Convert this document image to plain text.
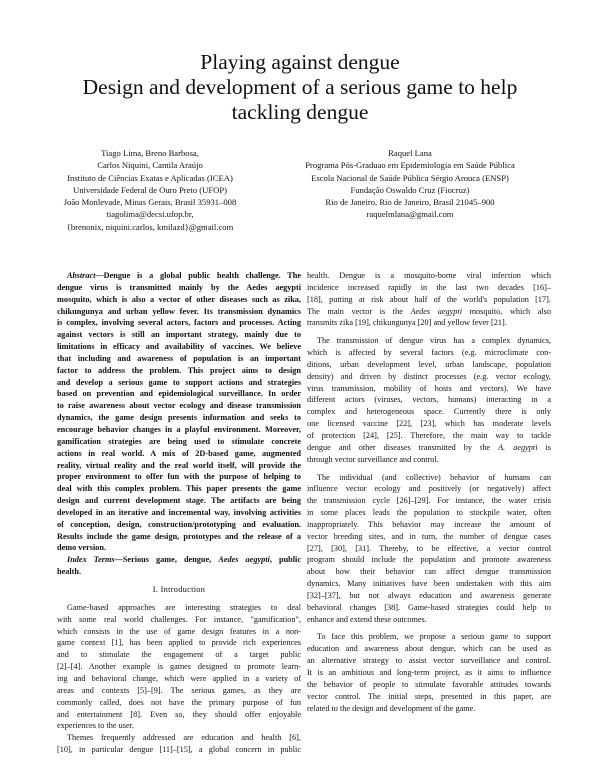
Playing against dengue
Design and development of a serious game to help
tackling dengue
Tiago Lima, Breno Barbosa,
Carlos Niquini, Camila Araújo
Instituto de Ciências Exatas e Aplicadas (ICEA)
Universidade Federal de Ouro Preto (UFOP)
João Monlevade, Minas Gerais, Brasil 35931–008
tiagolima@decsi.ufop.br,
{brenonix, niquini.carlos, kmilazd}@gmail.com
Raquel Lana
Programa Pós-Graduao em Epidemiologia em Saúde Pública
Escola Nacional de Saúde Pública Sérgio Arouca (ENSP)
Fundação Oswaldo Cruz (Fiocruz)
Rio de Janeiro, Rio de Janeiro, Brasil 21045–900
raquelmlana@gmail.com
Abstract—Dengue is a global public health challenge. The
dengue virus is transmitted mainly by the Aedes aegypti
mosquito, which is also a vector of other diseases such as zika,
chikungunya and urban yellow fever. Its transmission dynamics
is complex, involving several actors, factors and processes. Acting
against vectors is still an important strategy, mainly due to
limitations in efficacy and availability of vaccines. We believe
that including and awareness of population is an important
factor to address the problem. This project aims to design
and develop a serious game to support actions and strategies
based on prevention and epidemiological surveillance. In order
to raise awareness about vector ecology and disease transmission
dynamics, the game design presents information and seeks to
encourage behavior changes in a playful environment. Moreover,
gamification strategies are being used to stimulate concrete
actions in real world. A mix of 2D-based game, augmented
reality, virtual reality and the real world itself, will provide the
proper environment to offer fun with the purpose of helping to
deal with this complex problem. This paper presents the game
design and current development stage. The artifacts are being
developed in an iterative and incremental way, involving activities
of conception, design, construction/prototyping and evaluation.
Results include the game design, prototypes and the release of a
demo version.
Index Terms—Serious game, dengue, Aedes aegypti, public
health.
I. Introduction
Game-based approaches are interesting strategies to deal
with some real world challenges. For instance, "gamification",
which consists in the use of game design features in a non-
game context [1], has been applied to provide rich experiences
and to stimulate the engagement of a target public
[2]–[4]. Another example is games designed to promote learn-
ing and behavioral change, which were applied in a variety of
areas and contexts [5]–[9]. The serious games, as they are
commonly called, does not have the primary purpose of fun
and entertainment [8]. Even so, they should offer enjoyable
experiences to the user.
Themes frequently addressed are education and health [6],
[10], in particular dengue [11]–[15], a global concern in public
health. Dengue is a mosquito-borne viral infection which
incidence increased rapidly in the last two decades [16]–
[18], putting at risk about half of the world's population [17].
The main vector is the Aedes aegypti mosquito, which also
transmits zika [19], chikungunya [20] and yellow fever [21].
The transmission of dengue virus has a complex dynamics,
which is affected by several factors (e.g. microclimate con-
ditions, urban development level, urban landscape, population
density) and driven by distinct processes (e.g. vector ecology,
virus transmission, mobility of hosts and vectors). We have
different actors (viruses, vectors, humans) interacting in a
complex and heterogeneous space. Currently there is only
one licensed vaccine [22], [23], which has moderate levels
of protection [24], [25]. Therefore, the main way to tackle
dengue and other diseases transmitted by the A. aegypti is
through vector surveillance and control.
The individual (and collective) behavior of humans can
influence vector ecology and positively (or negatively) affect
the transmission cycle [26]–[29]. For instance, the water crisis
in some places leads the population to stockpile water, often
inappropriately. This behavior may increase the amount of
vector breeding sites, and in turn, the number of dengue cases
[27], [30], [31]. Thereby, to be effective, a vector control
program should include the population and promote awareness
about how their behavior can affect dengue transmission
dynamics. Many initiatives have been undertaken with this aim
[32]–[37], but not always education and awareness generate
behavioral changes [38]. Game-based strategies could help to
enhance and extend these outcomes.
To face this problem, we propose a serious game to support
education and awareness about dengue, which can be used as
an alternative strategy to assist vector surveillance and control.
It is an ambitious and long-term project, as it aims to influence
the behavior of people to stimulate favorable attitudes towards
vector control. The initial steps, presented in this paper, are
related to the design and development of the game.
